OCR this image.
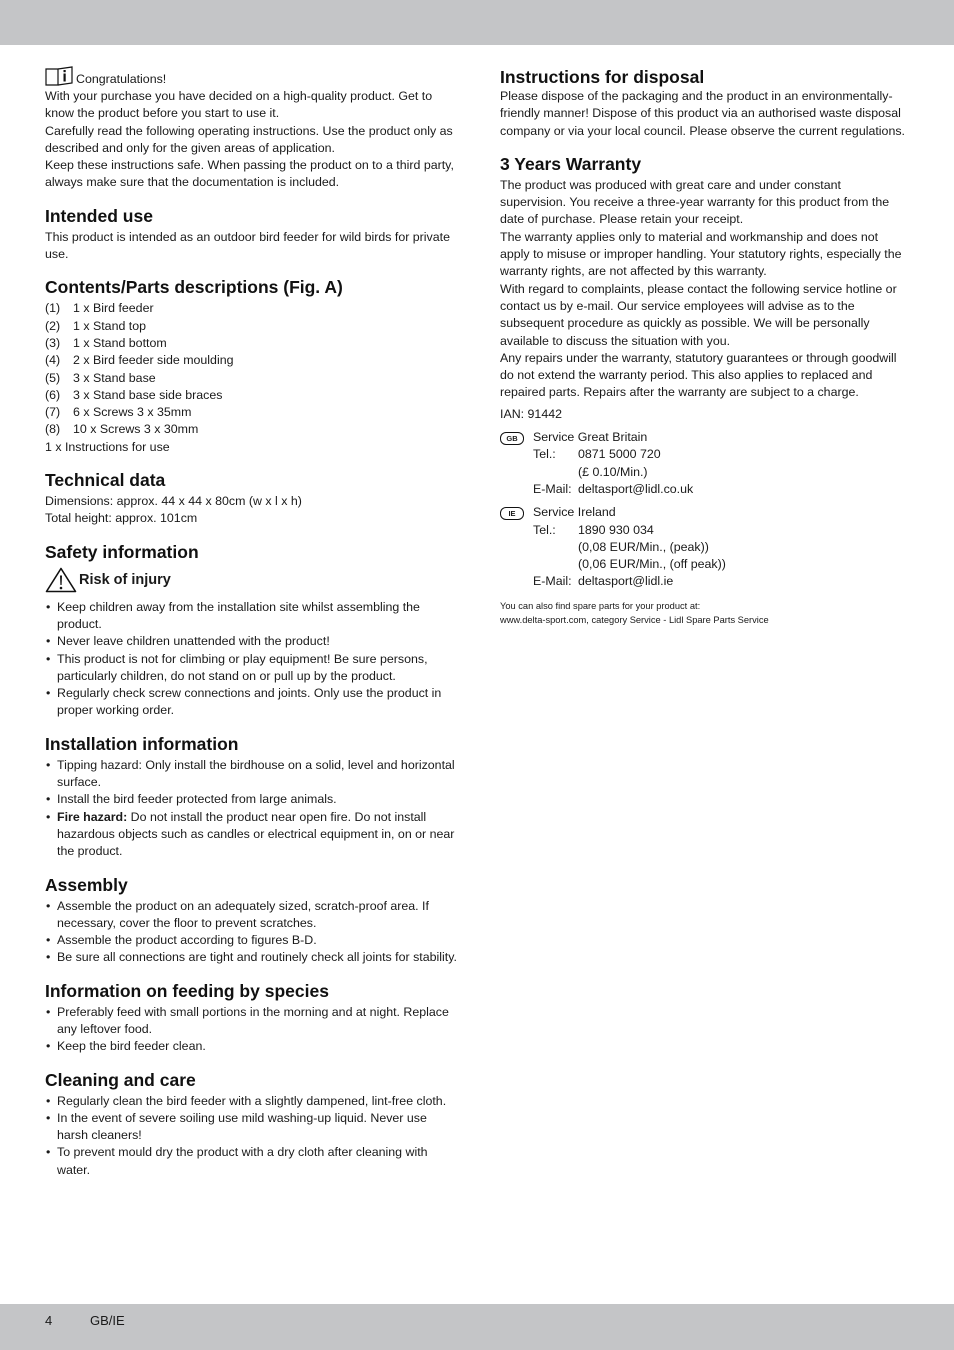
Congratulations!

With your purchase you have decided on a high-quality product. Get to know the product before you start to use it.

Carefully read the following operating instructions. Use the product only as described and only for the given areas of application.

Keep these instructions safe. When passing the product on to a third party, always make sure that the documentation is included.

Intended use

This product is intended as an outdoor bird feeder for wild birds for private use.

Contents/Parts descriptions (Fig. A)
(1) 1 x Bird feeder
(2) 1 x Stand top
(3) 1 x Stand bottom
(4) 2 x Bird feeder side moulding
(5) 3 x Stand base
(6) 3 x Stand base side braces
(7) 6 x Screws 3 x 35mm
(8) 10 x Screws 3 x 30mm

1 x Instructions for use

Technical data

Dimensions: approx. 44 x 44 x 80cm (w x l x h)

Total height: approx. 101cm

Safety information
Risk of injury
• Keep children away from the installation site whilst assembling the product.
• Never leave children unattended with the product!
• This product is not for climbing or play equipment! Be sure persons, particularly children, do not stand on or pull up by the product.
• Regularly check screw connections and joints. Only use the product in proper working order.
Installation information
• Tipping hazard: Only install the birdhouse on a solid, level and horizontal surface.
• Install the bird feeder protected from large animals.
• Fire hazard: Do not install the product near open fire. Do not install hazardous objects such as candles or electrical equipment in, on or near the product.
Assembly
• Assemble the product on an adequately sized, scratch-proof area. If necessary, cover the floor to prevent scratches.
• Assemble the product according to figures B-D.
• Be sure all connections are tight and routinely check all joints for stability.
Information on feeding by species
• Preferably feed with small portions in the morning and at night. Replace any leftover food.
• Keep the bird feeder clean.
Cleaning and care
• Regularly clean the bird feeder with a slightly dampened, lint-free cloth.
• In the event of severe soiling use mild washing-up liquid. Never use harsh cleaners!
• To prevent mould dry the product with a dry cloth after cleaning with water.
Instructions for disposal

Please dispose of the packaging and the product in an environmentally-friendly manner! Dispose of this product via an authorised waste disposal company or via your local council. Please observe the current regulations.

3 Years Warranty

The product was produced with great care and under constant supervision. You receive a three-year warranty for this product from the date of purchase. Please retain your receipt.

The warranty applies only to material and workmanship and does not apply to misuse or improper handling. Your statutory rights, especially the warranty rights, are not affected by this warranty.

With regard to complaints, please contact the following service hotline or contact us by e-mail. Our service employees will advise as to the subsequent procedure as quickly as possible. We will be personally available to discuss the situation with you.

Any repairs under the warranty, statutory guarantees or through goodwill do not extend the warranty period. This also applies to replaced and repaired parts. Repairs after the warranty are subject to a charge.

IAN: 91442

GB	Service Great Britain
Tel.:	0871 5000 720
(£ 0.10/Min.)
E-Mail: deltasport@lidl.co.uk
IE	Service Ireland
Tel.:	1890 930 034
(0,08 EUR/Min., (peak))
(0,06 EUR/Min., (off peak))
E-Mail: deltasport@lidl.ie
You can also find spare parts for your product at:
www.delta-sport.com, category Service - Lidl Spare Parts Service
4	GB/IE
